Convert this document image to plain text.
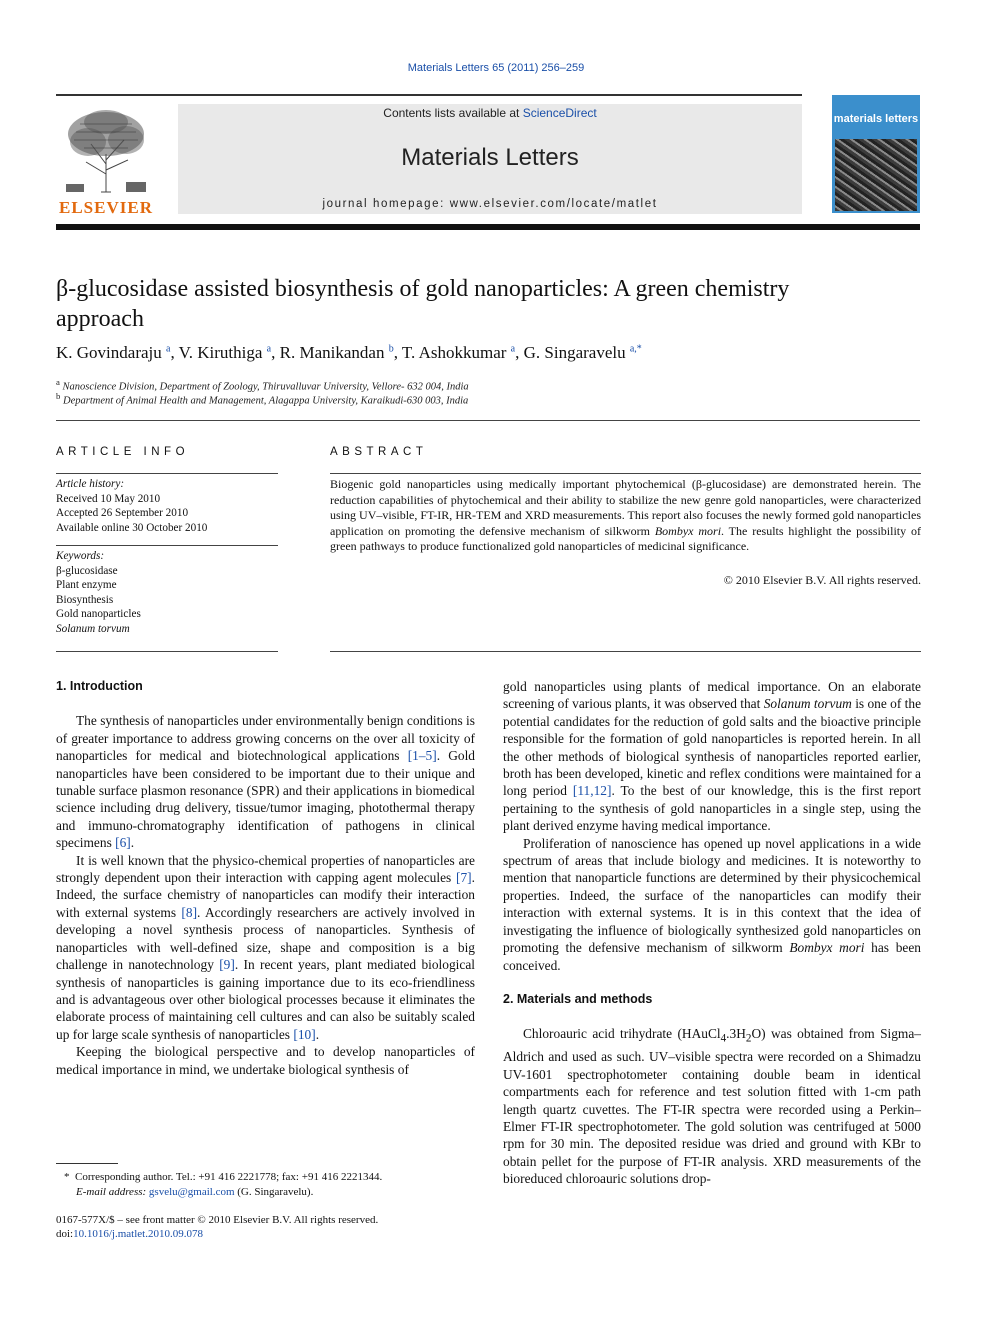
Materials Letters 65 (2011) 256–259
ELSEVIER
Contents lists available at ScienceDirect
Materials Letters
journal homepage: www.elsevier.com/locate/matlet
materials letters
β-glucosidase assisted biosynthesis of gold nanoparticles: A green chemistry approach
K. Govindaraju $^a$, V. Kiruthiga $^a$, R. Manikandan $^b$, T. Ashokkumar $^a$, G. Singaravelu $^{a,*}$
$^a$ Nanoscience Division, Department of Zoology, Thiruvalluvar University, Vellore- 632 004, India
$^b$ Department of Animal Health and Management, Alagappa University, Karaikudi-630 003, India
ARTICLE INFO
Article history:
Received 10 May 2010
Accepted 26 September 2010
Available online 30 October 2010
Keywords:
β-glucosidase
Plant enzyme
Biosynthesis
Gold nanoparticles
Solanum torvum
ABSTRACT
Biogenic gold nanoparticles using medically important phytochemical (β-glucosidase) are demonstrated herein. The reduction capabilities of phytochemical and their ability to stabilize the new genre gold nanoparticles, were characterized using UV–visible, FT-IR, HR-TEM and XRD measurements. This report also focuses the newly formed gold nanoparticles application on promoting the defensive mechanism of silkworm Bombyx mori. The results highlight the possibility of green pathways to produce functionalized gold nanoparticles of medicinal significance.
© 2010 Elsevier B.V. All rights reserved.
1. Introduction

The synthesis of nanoparticles under environmentally benign conditions is of greater importance to address growing concerns on the over all toxicity of nanoparticles for medical and biotechnological applications [1–5]. Gold nanoparticles have been considered to be important due to their unique and tunable surface plasmon resonance (SPR) and their applications in biomedical science including drug delivery, tissue/tumor imaging, photothermal therapy and immuno-chromatography identification of pathogens in clinical specimens [6].

It is well known that the physico-chemical properties of nanoparticles are strongly dependent upon their interaction with capping agent molecules [7]. Indeed, the surface chemistry of nanoparticles can modify their interaction with external systems [8]. Accordingly researchers are actively involved in developing a novel synthesis process of nanoparticles. Synthesis of nanoparticles with well-defined size, shape and composition is a big challenge in nanotechnology [9]. In recent years, plant mediated biological synthesis of nanoparticles is gaining importance due to its eco-friendliness and is advantageous over other biological processes because it eliminates the elaborate process of maintaining cell cultures and can also be suitably scaled up for large scale synthesis of nanoparticles [10].

Keeping the biological perspective and to develop nanoparticles of medical importance in mind, we undertake biological synthesis of

gold nanoparticles using plants of medical importance. On an elaborate screening of various plants, it was observed that Solanum torvum is one of the potential candidates for the reduction of gold salts and the bioactive principle responsible for the formation of gold nanoparticles is reported herein. In all the other methods of biological synthesis of nanoparticles reported earlier, broth has been developed, kinetic and reflex conditions were maintained for a long period [11,12]. To the best of our knowledge, this is the first report pertaining to the synthesis of gold nanoparticles in a single step, using the plant derived enzyme having medical importance.

Proliferation of nanoscience has opened up novel applications in a wide spectrum of areas that include biology and medicines. It is noteworthy to mention that nanoparticle functions are determined by their physicochemical properties. Indeed, the surface of the nanoparticles can modify their interaction with external systems. It is in this context that the idea of investigating the influence of biologically synthesized gold nanoparticles on promoting the defensive mechanism of silkworm Bombyx mori has been conceived.

2. Materials and methods

Chloroauric acid trihydrate $(HAuCl_4.3H_2O)$ was obtained from Sigma–Aldrich and used as such. UV–visible spectra were recorded on a Shimadzu UV-1601 spectrophotometer containing double beam in identical compartments each for reference and test solution fitted with 1-cm path length quartz cuvettes. The FT-IR spectra were recorded using a Perkin–Elmer FT-IR spectrophotometer. The gold solution was centrifuged at 5000 rpm for 30 min. The deposited residue was dried and ground with KBr to obtain pellet for the purpose of FT-IR analysis. XRD measurements of the bioreduced chloroauric solutions drop-

*  Corresponding author. Tel.: +91 416 2221778; fax: +91 416 2221344.
E-mail address: gsvelu@gmail.com (G. Singaravelu).
0167-577X/$ – see front matter © 2010 Elsevier B.V. All rights reserved.
doi:10.1016/j.matlet.2010.09.078
